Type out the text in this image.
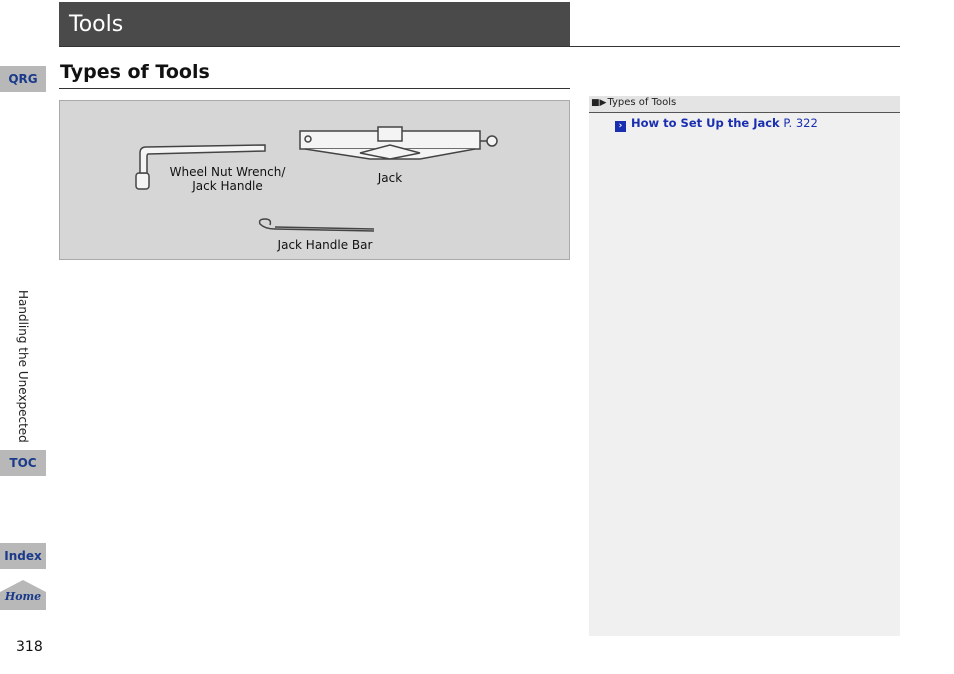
Tools
Types of Tools
Wheel Nut Wrench/
Jack Handle
Jack
Jack Handle Bar
■▶Types of Tools
› How to Set Up the Jack P. 322
QRG
Handling the Unexpected
TOC
Index
Home
318
